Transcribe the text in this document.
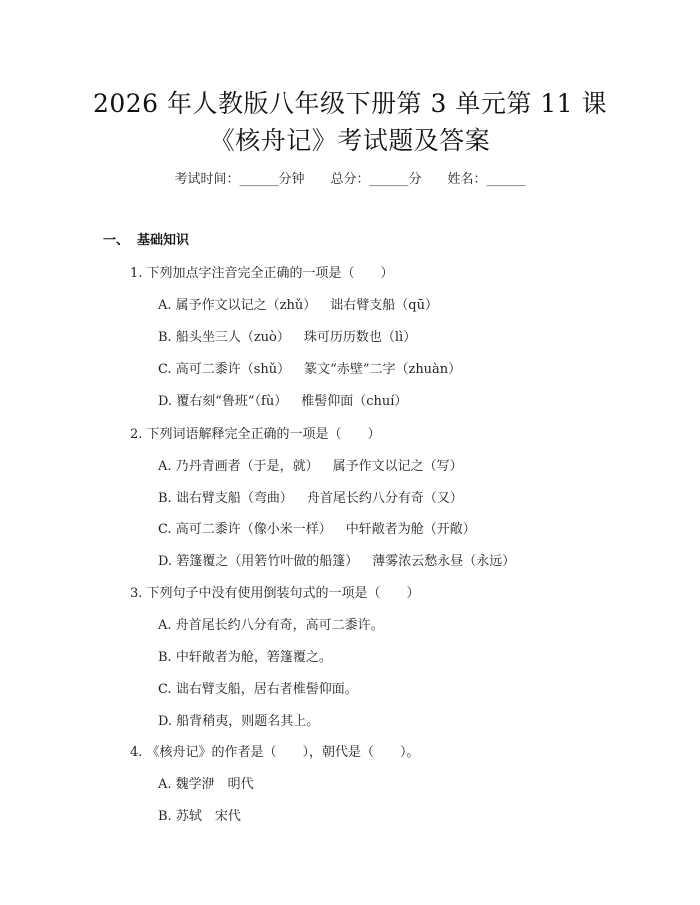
2026 年人教版八年级下册第 3 单元第 11 课
《核舟记》考试题及答案
考试时间：______分钟 总分：______分 姓名：______
一、 基础知识
1. 下列加点字注音完全正确的一项是（　　）
A. 属予作文以记之（zhǔ） 诎右臂支船（qū）
B. 船头坐三人（zuò） 珠可历历数也（lì）
C. 高可二黍许（shǔ） 篆文“赤壁”二字（zhuàn）
D. 覆右刻“鲁班”（fù） 椎髻仰面（chuí）
2. 下列词语解释完全正确的一项是（　　）
A. 乃丹青画者（于是，就） 属予作文以记之（写）
B. 诎右臂支船（弯曲） 舟首尾长约八分有奇（又）
C. 高可二黍许（像小米一样） 中轩敞者为舱（开敞）
D. 箬篷覆之（用箬竹叶做的船篷） 薄雾浓云愁永昼（永远）
3. 下列句子中没有使用倒装句式的一项是（　　）
A. 舟首尾长约八分有奇，高可二黍许。
B. 中轩敞者为舱，箬篷覆之。
C. 诎右臂支船，居右者椎髻仰面。
D. 船背稍夷，则题名其上。
4. 《核舟记》的作者是（　　），朝代是（　　）。
A. 魏学洢　明代
B. 苏轼　宋代
